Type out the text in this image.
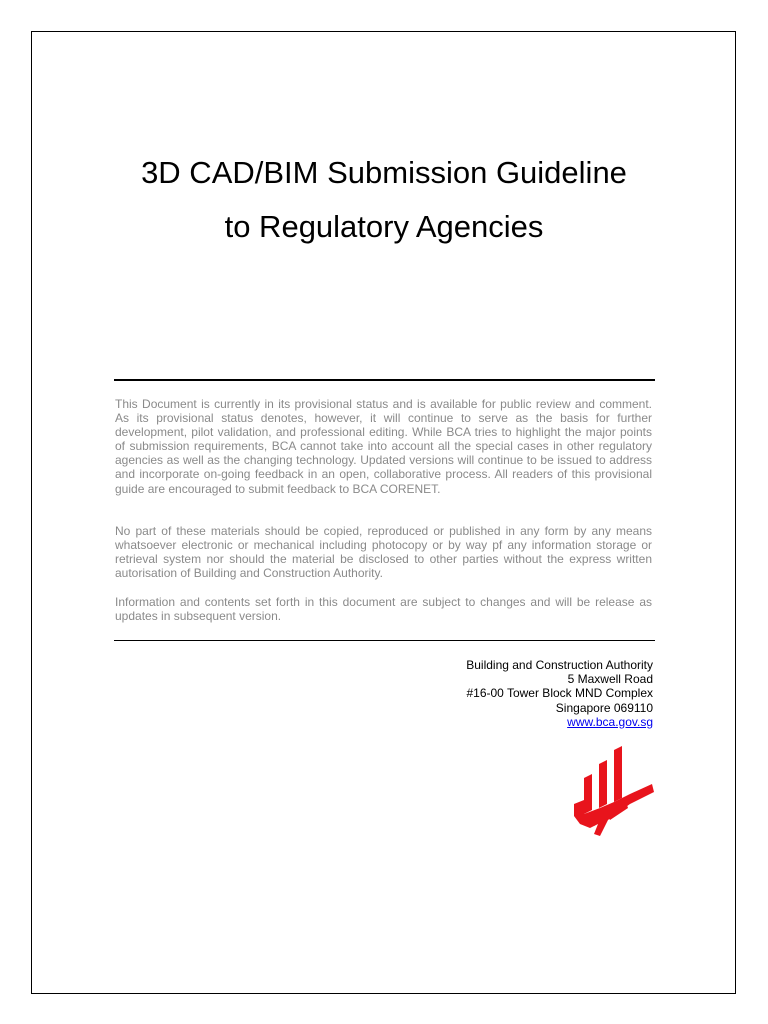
3D CAD/BIM Submission Guideline
to Regulatory Agencies

This Document is currently in its provisional status and is available for public review and comment. As its provisional status denotes, however, it will continue to serve as the basis for further development, pilot validation, and professional editing. While BCA tries to highlight the major points of submission requirements, BCA cannot take into account all the special cases in other regulatory agencies as well as the changing technology. Updated versions will continue to be issued to address and incorporate on-going feedback in an open, collaborative process. All readers of this provisional guide are encouraged to submit feedback to BCA CORENET.

No part of these materials should be copied, reproduced or published in any form by any means whatsoever electronic or mechanical including photocopy or by way pf any information storage or retrieval system nor should the material be disclosed to other parties without the express written autorisation of Building and Construction Authority.

Information and contents set forth in this document are subject to changes and will be release as updates in subsequent version.

Building and Construction Authority
5 Maxwell Road
#16-00 Tower Block MND Complex
Singapore 069110
www.bca.gov.sg
